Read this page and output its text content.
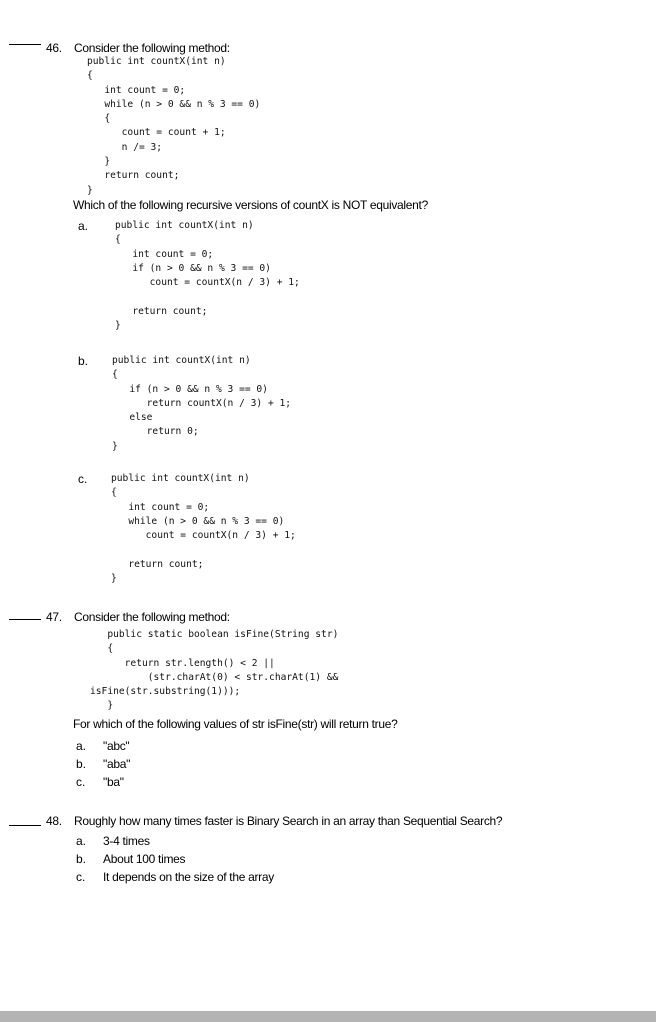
46. Consider the following method:
public int countX(int n)
{
int count = 0;
while (n > 0 && n % 3 == 0)
{
count = count + 1;
n /= 3;
}
return count;
}
Which of the following recursive versions of countX is NOT equivalent?
a.	public int countX(int n)
{
int count = 0;
if (n > 0 && n % 3 == 0)
count = countX(n / 3) + 1;

return count;
}
b. public int countX(int n)
{
if (n > 0 && n % 3 == 0)
return countX(n / 3) + 1;
else
return 0;
}
c. public int countX(int n)
{
int count = 0;
while (n > 0 && n % 3 == 0)
count = countX(n / 3) + 1;

return count;
}
47. Consider the following method:
public static boolean isFine(String str)
{
return str.length() < 2 ||
(str.charAt(0) < str.charAt(1) &&
isFine(str.substring(1)));
}
For which of the following values of str isFine(str) will return true?
a. "abc"
b. "aba"
c. "ba"
48. Roughly how many times faster is Binary Search in an array than Sequential Search?
a. 3-4 times
b. About 100 times
c. It depends on the size of the array
